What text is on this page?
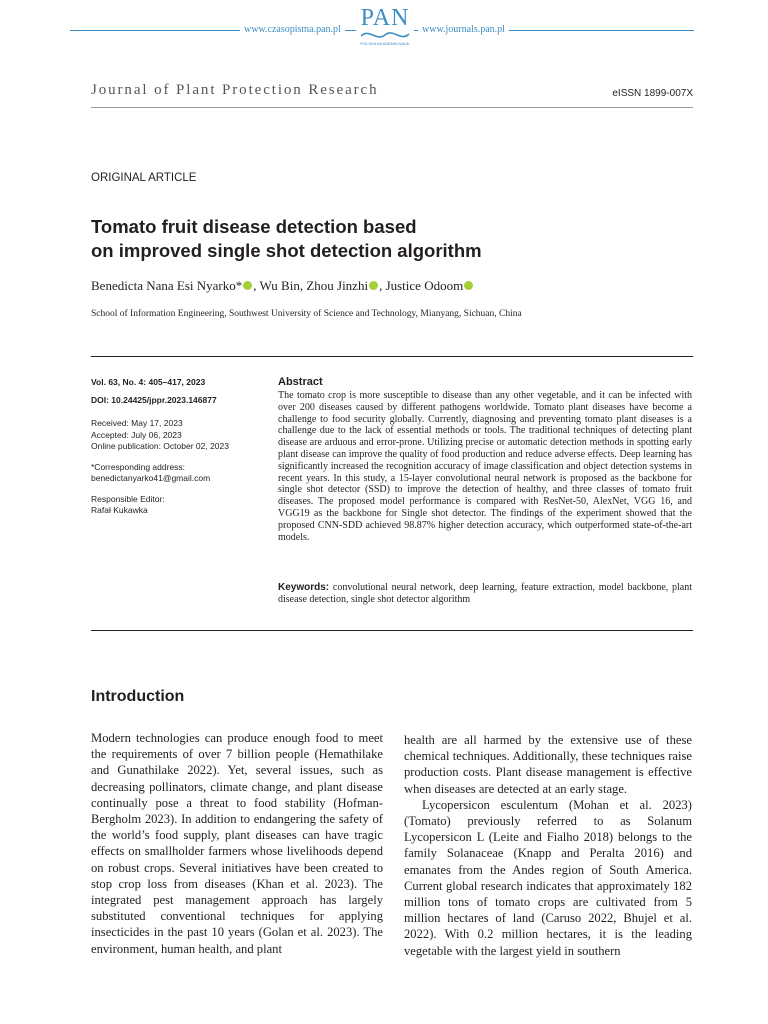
www.czasopisma.pan.pl	www.journals.pan.pl
PAN
POLSKA AKADEMIA NAUK
Journal of Plant Protection Research	eISSN 1899-007X
ORIGINAL ARTICLE
Tomato fruit disease detection based
on improved single shot detection algorithm
Benedicta Nana Esi Nyarko* , Wu Bin, Zhou Jinzhi , Justice Odoom
School of Information Engineering, Southwest University of Science and Technology, Mianyang, Sichuan, China
Vol. 63, No. 4: 405–417, 2023
DOI: 10.24425/jppr.2023.146877
Received: May 17, 2023
Accepted: July 06, 2023
Online publication: October 02, 2023
*Corresponding address:
benedictanyarko41@gmail.com
Responsible Editor:
Rafał Kukawka
Abstract
The tomato crop is more susceptible to disease than any other vegetable, and it can be infected with over 200 diseases caused by different pathogens worldwide. Tomato plant diseases have become a challenge to food security globally. Currently, diagnosing and preventing tomato plant diseases is a challenge due to the lack of essential methods or tools. The traditional techniques of detecting plant disease are arduous and error-prone. Utilizing precise or automatic detection methods in spotting early plant disease can improve the quality of food production and reduce adverse effects. Deep learning has significantly increased the recognition accuracy of image classification and object detection systems in recent years. In this study, a 15-layer convolutional neural network is proposed as the backbone for single shot detector (SSD) to improve the detection of healthy, and three classes of tomato fruit diseases. The proposed model performance is compared with ResNet-50, AlexNet, VGG 16, and VGG19 as the backbone for Single shot detector. The findings of the experiment showed that the proposed CNN-SDD achieved 98.87% higher detection accuracy, which outperformed state-of-the-art models.
Keywords: convolutional neural network, deep learning, feature extraction, model backbone, plant disease detection, single shot detector algorithm
Introduction

Modern technologies can produce enough food to meet the requirements of over 7 billion people (Hemathilake and Gunathilake 2022). Yet, several issues, such as decreasing pollinators, climate change, and plant disease continually pose a threat to food stability (Hofman-Bergholm 2023). In addition to endangering the safety of the world’s food supply, plant diseases can have tragic effects on smallholder farmers whose livelihoods depend on robust crops. Several initiatives have been created to stop crop loss from diseases (Khan et al. 2023). The integrated pest management approach has largely substituted conventional techniques for applying insecticides in the past 10 years (Golan et al. 2023). The environment, human health, and plant

health are all harmed by the extensive use of these chemical techniques. Additionally, these techniques raise production costs. Plant disease management is effective when diseases are detected at an early stage.

Lycopersicon esculentum (Mohan et al. 2023) (Tomato) previously referred to as Solanum Lycopersicon L (Leite and Fialho 2018) belongs to the family Solanaceae (Knapp and Peralta 2016) and emanates from the Andes region of South America. Current global research indicates that approximately 182 million tons of tomato crops are cultivated from 5 million hectares of land (Caruso 2022, Bhujel et al. 2022). With 0.2 million hectares, it is the leading vegetable with the largest yield in southern
